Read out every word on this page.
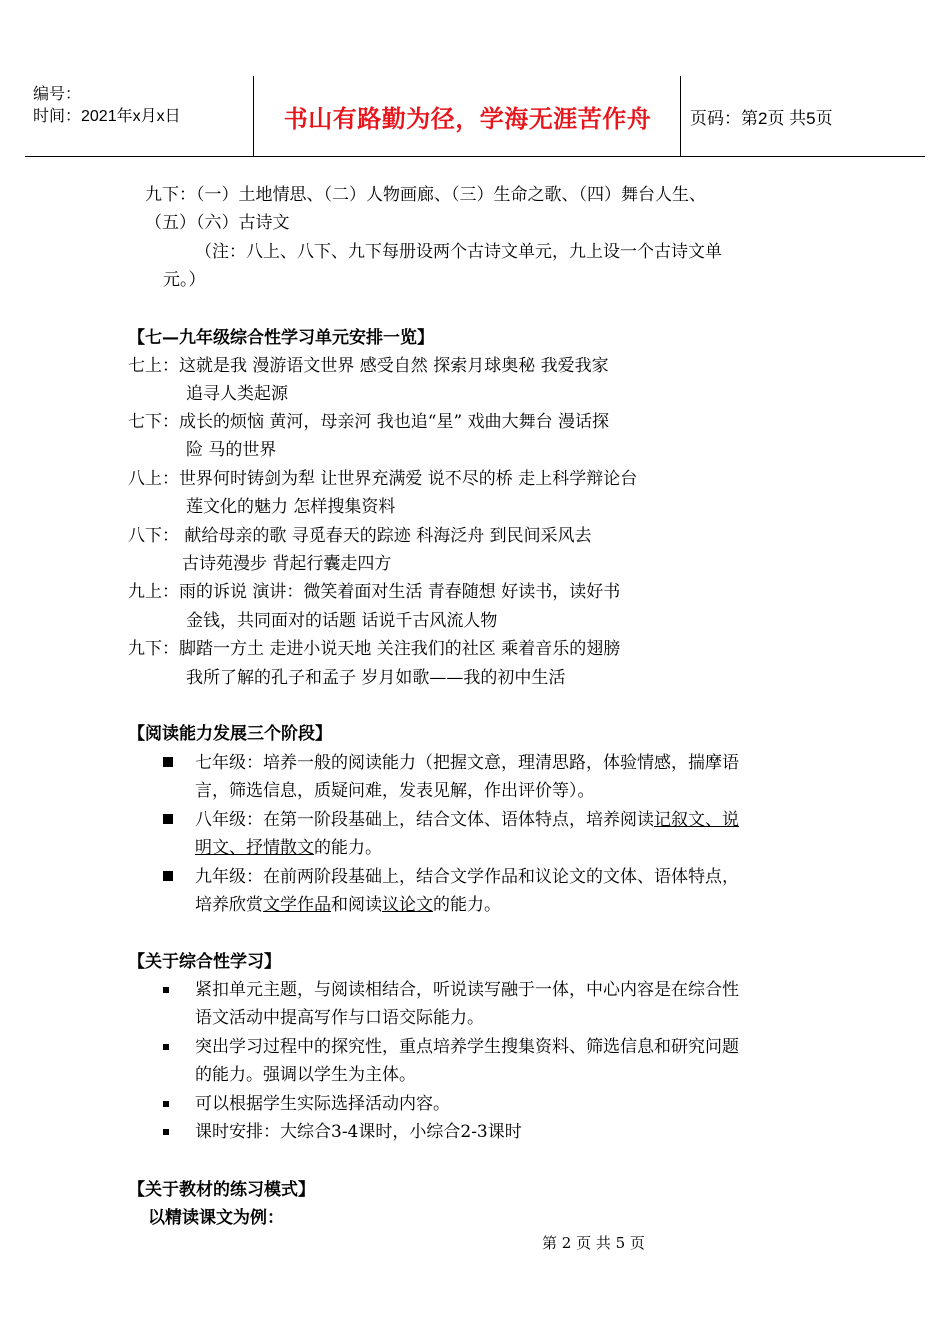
编号：
时间：2021年x月x日	书山有路勤为径，学海无涯苦作舟	页码：第2页 共5页
九下：（一）土地情思、（二）人物画廊、（三）生命之歌、（四）舞台人生、
（五）（六）古诗文
（注：八上、八下、九下每册设两个古诗文单元，九上设一个古诗文单
元。）
【七—九年级综合性学习单元安排一览】
七上：这就是我 漫游语文世界 感受自然 探索月球奥秘 我爱我家
追寻人类起源
七下：成长的烦恼 黄河，母亲河 我也追“星” 戏曲大舞台 漫话探
险 马的世界
八上：世界何时铸剑为犁 让世界充满爱 说不尽的桥 走上科学辩论台
莲文化的魅力 怎样搜集资料
八下： 献给母亲的歌 寻觅春天的踪迹 科海泛舟 到民间采风去
古诗苑漫步 背起行囊走四方
九上：雨的诉说 演讲：微笑着面对生活 青春随想 好读书，读好书
金钱，共同面对的话题 话说千古风流人物
九下：脚踏一方土 走进小说天地 关注我们的社区 乘着音乐的翅膀
我所了解的孔子和孟子 岁月如歌——我的初中生活
【阅读能力发展三个阶段】
七年级：培养一般的阅读能力（把握文意，理清思路，体验情感，揣摩语
言，筛选信息，质疑问难，发表见解，作出评价等）。
八年级：在第一阶段基础上，结合文体、语体特点，培养阅读记叙文、说
明文、抒情散文的能力。
九年级：在前两阶段基础上，结合文学作品和议论文的文体、语体特点，
培养欣赏文学作品和阅读议论文的能力。
【关于综合性学习】
紧扣单元主题，与阅读相结合，听说读写融于一体，中心内容是在综合性
语文活动中提高写作与口语交际能力。
突出学习过程中的探究性，重点培养学生搜集资料、筛选信息和研究问题
的能力。强调以学生为主体。
可以根据学生实际选择活动内容。
课时安排：大综合3-4课时，小综合2-3课时
【关于教材的练习模式】
以精读课文为例：
第 2 页 共 5 页
